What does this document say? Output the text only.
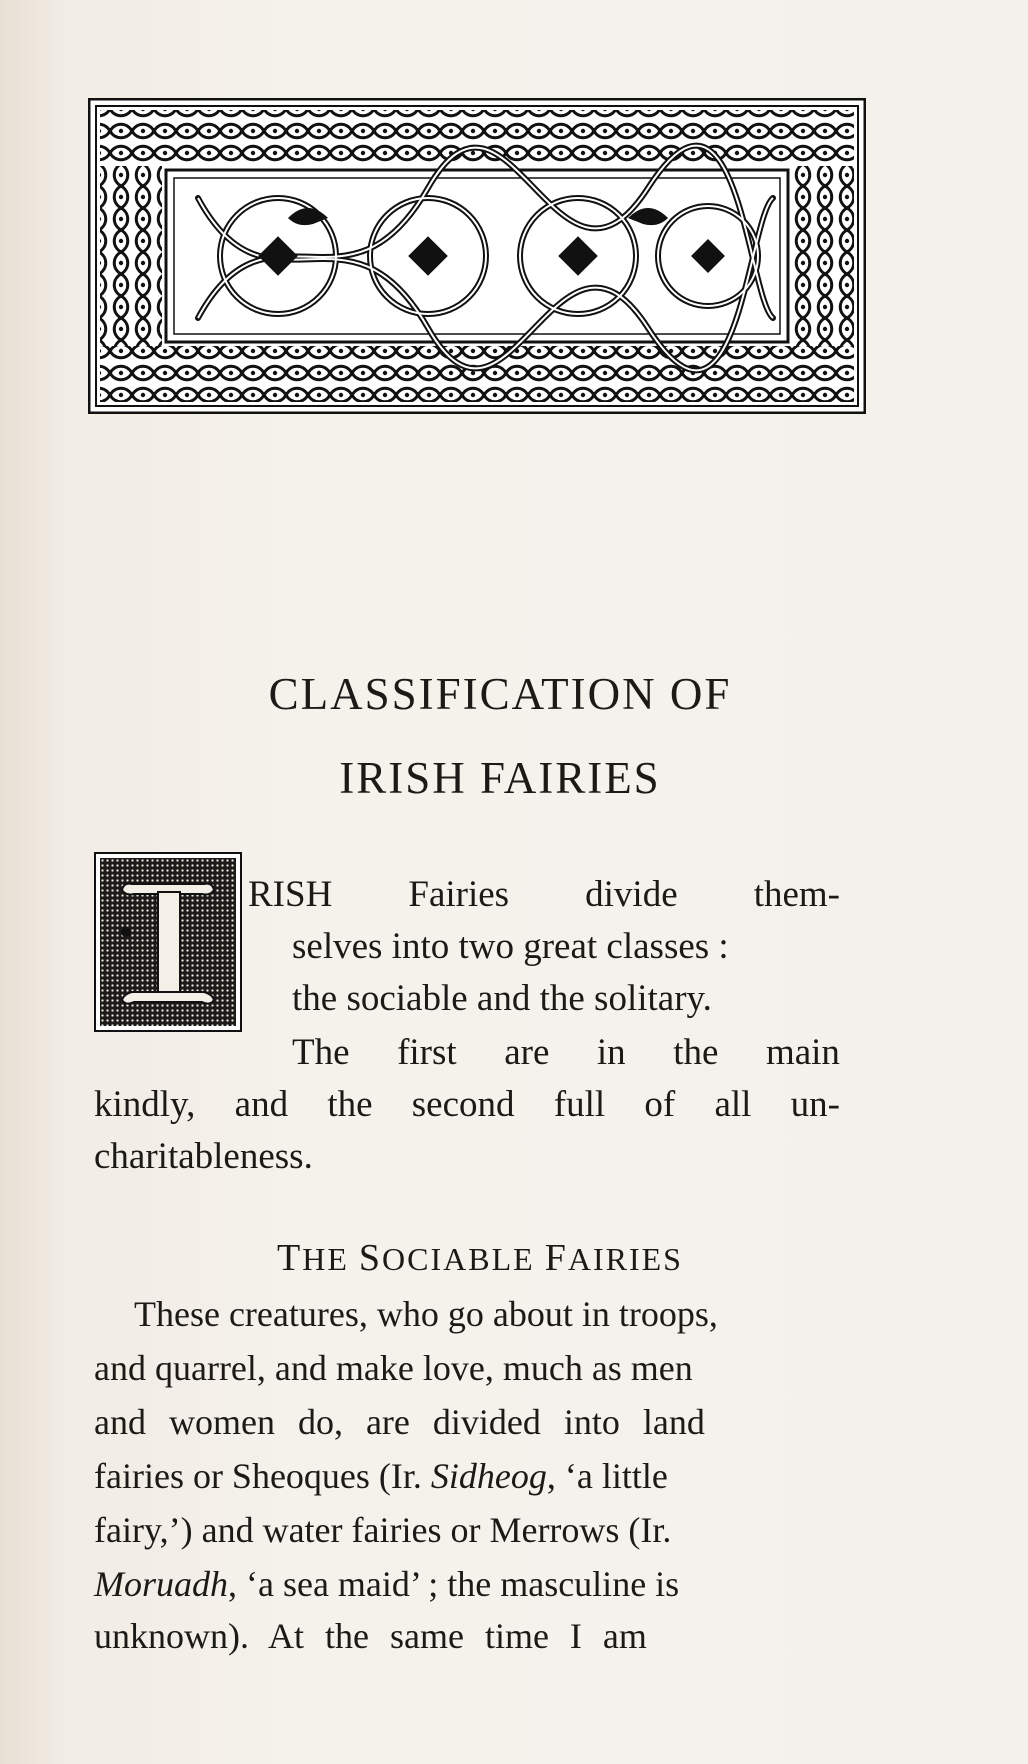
CLASSIFICATION OF
IRISH FAIRIES
RISH Fairies divide them-
selves into two great classes :
the sociable and the solitary.
The first are in the main
kindly, and the second full of all un-
charitableness.
THE SOCIABLE FAIRIES
These creatures, who go about in troops,
and quarrel, and make love, much as men
and women do, are divided into land
fairies or Sheoques (Ir. Sidheog, ‘a little
fairy,’) and water fairies or Merrows (Ir.
Moruadh, ‘a sea maid’ ; the masculine is
unknown). At the same time I am
